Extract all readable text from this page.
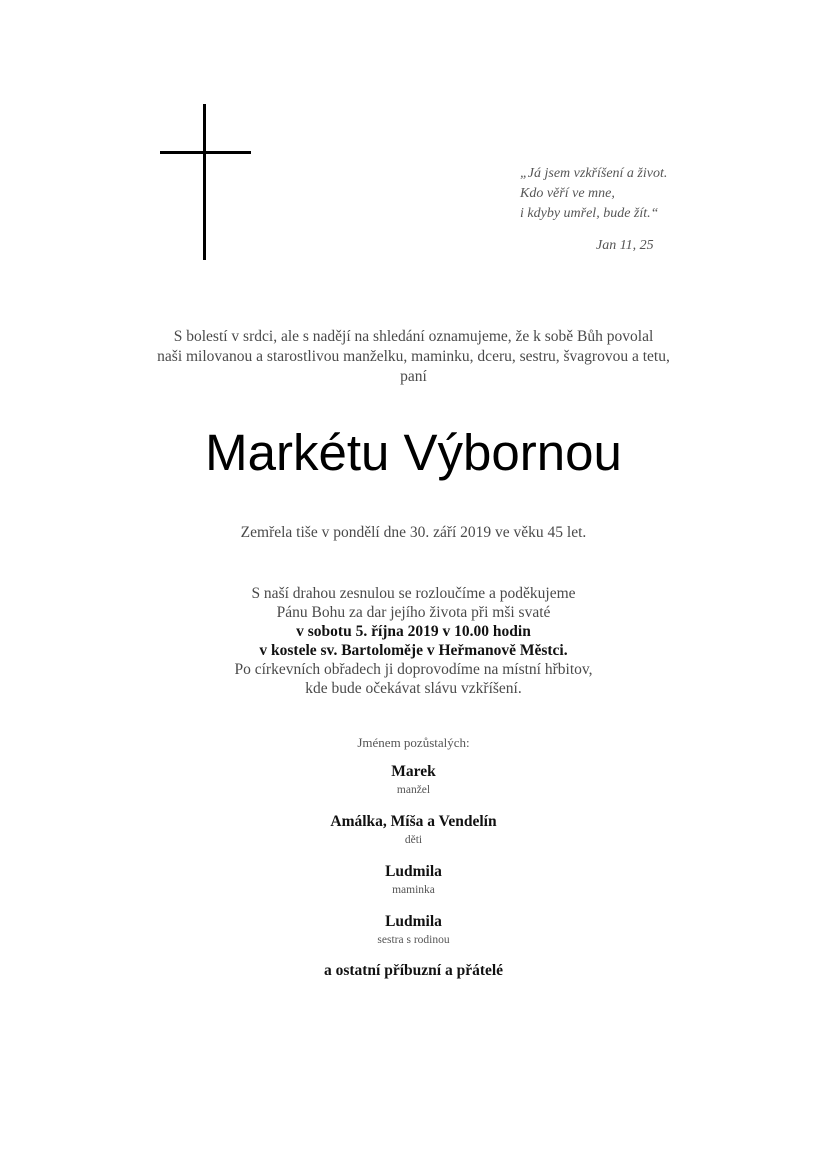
„Já jsem vzkříšení a život.
Kdo věří ve mne,
i kdyby umřel, bude žít.“
Jan 11, 25
S bolestí v srdci, ale s nadějí na shledání oznamujeme, že k sobě Bůh povolal
naši milovanou a starostlivou manželku, maminku, dceru, sestru, švagrovou a tetu,
paní
Markétu Výbornou
Zemřela tiše v pondělí dne 30. září 2019 ve věku 45 let.
S naší drahou zesnulou se rozloučíme a poděkujeme
Pánu Bohu za dar jejího života při mši svaté
v sobotu 5. října 2019 v 10.00 hodin
v kostele sv. Bartoloměje v Heřmanově Městci.
Po církevních obřadech ji doprovodíme na místní hřbitov,
kde bude očekávat slávu vzkříšení.
Jménem pozůstalých:
Marek
manžel
Amálka, Míša a Vendelín
děti
Ludmila
maminka
Ludmila
sestra s rodinou
a ostatní příbuzní a přátelé
